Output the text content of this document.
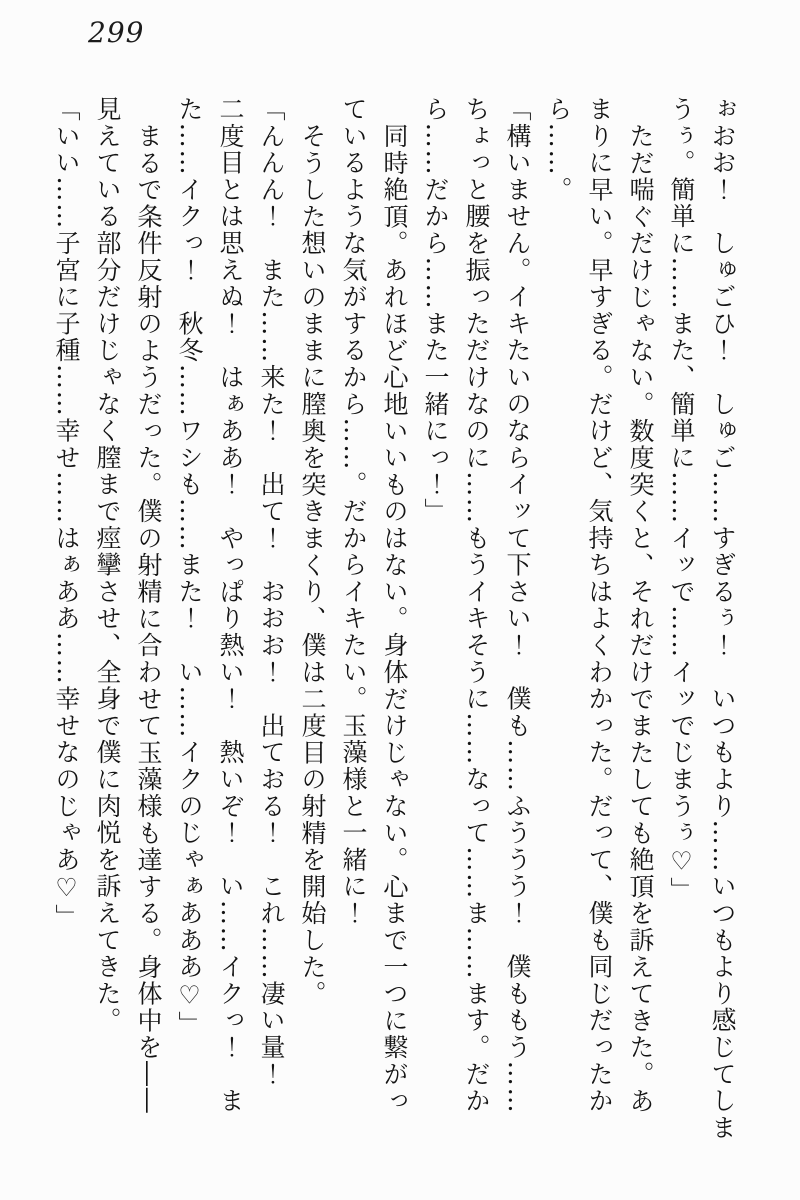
299

ぉおお！　しゅごひ！　しゅご……すぎるぅ！　いつもより……いつもより感じてしま

うぅ。簡単に……また、簡単に……イッで……イッでじまうぅ♡」

ただ喘ぐだけじゃない。数度突くと、それだけでまたしても絶頂を訴えてきた。あ

まりに早い。早すぎる。だけど、気持ちはよくわかった。だって、僕も同じだったか

ら……。

「構いません。イキたいのならイッて下さい！　僕も……ふううう！　僕ももう……

ちょっと腰を振っただけなのに……もうイキそうに……なって……ま……ます。だか

ら……だから……また一緒にっ！」

同時絶頂。あれほど心地いいものはない。身体だけじゃない。心まで一つに繋がっ

ているような気がするから……。だからイキたい。玉藻様と一緒に！

そうした想いのままに膣奥を突きまくり、僕は二度目の射精を開始した。

「んんん！　また……来た！　出て！　おおお！　出ておる！　これ……凄い量！

二度目とは思えぬ！　はぁああ！　やっぱり熱い！　熱いぞ！　い……イクっ！　ま

た……イクっ！　秋冬……ワシも……また！　い……イクのじゃぁあああ♡」

まるで条件反射のようだった。僕の射精に合わせて玉藻様も達する。身体中を――

見えている部分だけじゃなく膣まで痙攣させ、全身で僕に肉悦を訴えてきた。

「いい……子宮に子種……幸せ……はぁああ……幸せなのじゃあ♡」
